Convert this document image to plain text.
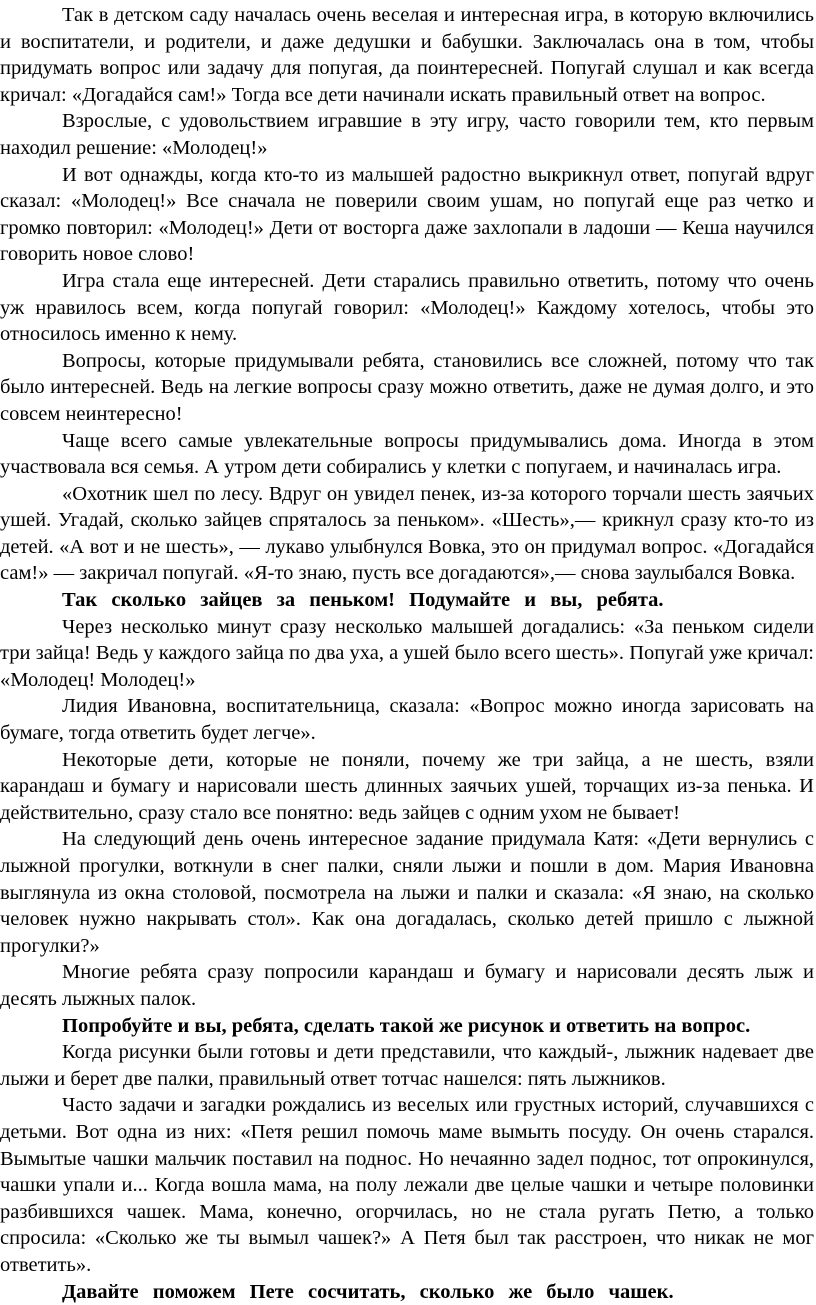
Так в детском саду началась очень веселая и интересная игра, в которую включились и воспитатели, и родители, и даже дедушки и бабушки. Заключалась она в том, чтобы придумать вопрос или задачу для попугая, да поинтересней. Попугай слушал и как всегда кричал: «Догадайся сам!» Тогда все дети начинали искать правильный ответ на вопрос.

Взрослые, с удовольствием игравшие в эту игру, часто говорили тем, кто первым находил решение: «Молодец!»

И вот однажды, когда кто-то из малышей радостно выкрикнул ответ, попугай вдруг сказал: «Молодец!» Все сначала не поверили своим ушам, но попугай еще раз четко и громко повторил: «Молодец!» Дети от восторга даже захлопали в ладоши — Кеша научился говорить новое слово!

Игра стала еще интересней. Дети старались правильно ответить, потому что очень уж нравилось всем, когда попугай говорил: «Молодец!» Каждому хотелось, чтобы это относилось именно к нему.

Вопросы, которые придумывали ребята, становились все сложней, потому что так было интересней. Ведь на легкие вопросы сразу можно ответить, даже не думая долго, и это совсем неинтересно!

Чаще всего самые увлекательные вопросы придумывались дома. Иногда в этом участвовала вся семья. А утром дети собирались у клетки с попугаем, и начиналась игра.

«Охотник шел по лесу. Вдруг он увидел пенек, из-за которого торчали шесть заячьих ушей. Угадай, сколько зайцев спряталось за пеньком». «Шесть»,— крикнул сразу кто-то из детей. «А вот и не шесть», — лукаво улыбнулся Вовка, это он придумал вопрос. «Догадайся сам!» — закричал попугай. «Я-то знаю, пусть все догадаются»,— снова заулыбался Вовка.

Так сколько зайцев за пеньком! Подумайте и вы, ребята.

Через несколько минут сразу несколько малышей догадались: «За пеньком сидели три зайца! Ведь у каждого зайца по два уха, а ушей было всего шесть». Попугай уже кричал: «Молодец! Молодец!»

Лидия Ивановна, воспитательница, сказала: «Вопрос можно иногда зарисовать на бумаге, тогда ответить будет легче».

Некоторые дети, которые не поняли, почему же три зайца, а не шесть, взяли карандаш и бумагу и нарисовали шесть длинных заячьих ушей, торчащих из-за пенька. И действительно, сразу стало все понятно: ведь зайцев с одним ухом не бывает!

На следующий день очень интересное задание придумала Катя: «Дети вернулись с лыжной прогулки, воткнули в снег палки, сняли лыжи и пошли в дом. Мария Ивановна выглянула из окна столовой, посмотрела на лыжи и палки и сказала: «Я знаю, на сколько человек нужно накрывать стол». Как она догадалась, сколько детей пришло с лыжной прогулки?»

Многие ребята сразу попросили карандаш и бумагу и нарисовали десять лыж и десять лыжных палок.

Попробуйте и вы, ребята, сделать такой же рисунок и ответить на вопрос.

Когда рисунки были готовы и дети представили, что каждый-, лыжник надевает две лыжи и берет две палки, правильный ответ тотчас нашелся: пять лыжников.

Часто задачи и загадки рождались из веселых или грустных историй, случавшихся с детьми. Вот одна из них: «Петя решил помочь маме вымыть посуду. Он очень старался. Вымытые чашки мальчик поставил на поднос. Но нечаянно задел поднос, тот опрокинулся, чашки упали и... Когда вошла мама, на полу лежали две целые чашки и четыре половинки разбившихся чашек. Мама, конечно, огорчилась, но не стала ругать Петю, а только спросила: «Сколько же ты вымыл чашек?» А Петя был так расстроен, что никак не мог ответить».

Давайте поможем Пете сосчитать, сколько же было чашек.
